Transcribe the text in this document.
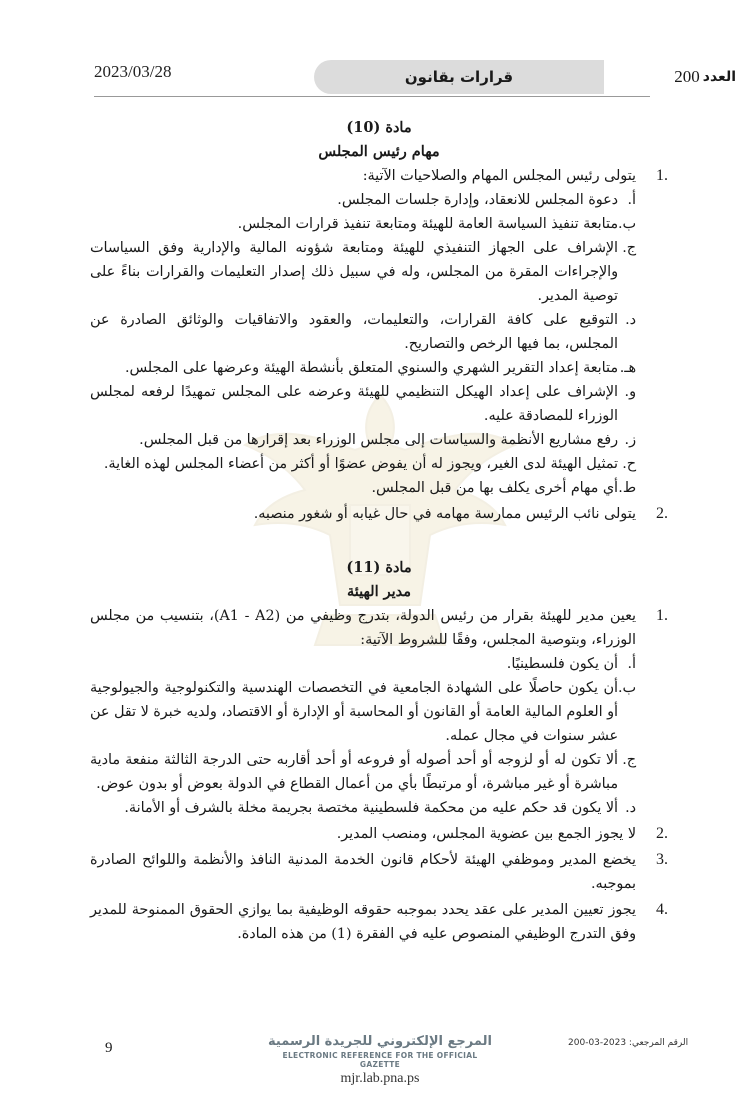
2023/03/28	قرارات بقانون	العدد
200
مادة (10)
مهام رئيس المجلس
1.
يتولى رئيس المجلس المهام والصلاحيات الآتية:
أ.
دعوة المجلس للانعقاد، وإدارة جلسات المجلس.
ب.
متابعة تنفيذ السياسة العامة للهيئة ومتابعة تنفيذ قرارات المجلس.
ج.
الإشراف على الجهاز التنفيذي للهيئة ومتابعة شؤونه المالية والإدارية وفق السياسات والإجراءات المقرة من المجلس، وله في سبيل ذلك إصدار التعليمات والقرارات بناءً على توصية المدير.
د.
التوقيع على كافة القرارات، والتعليمات، والعقود والاتفاقيات والوثائق الصادرة عن المجلس، بما فيها الرخص والتصاريح.
هـ.
متابعة إعداد التقرير الشهري والسنوي المتعلق بأنشطة الهيئة وعرضها على المجلس.
و.
الإشراف على إعداد الهيكل التنظيمي للهيئة وعرضه على المجلس تمهيدًا لرفعه لمجلس الوزراء للمصادقة عليه.
ز.
رفع مشاريع الأنظمة والسياسات إلى مجلس الوزراء بعد إقرارها من قبل المجلس.
ح.
تمثيل الهيئة لدى الغير، ويجوز له أن يفوض عضوًا أو أكثر من أعضاء المجلس لهذه الغاية.
ط.
أي مهام أخرى يكلف بها من قبل المجلس.
2.
يتولى نائب الرئيس ممارسة مهامه في حال غيابه أو شغور منصبه.
مادة (11)
مدير الهيئة
1.
يعين مدير للهيئة بقرار من رئيس الدولة، بتدرج وظيفي من (A1 - A2)، بتنسيب من مجلس الوزراء، وبتوصية المجلس، وفقًا للشروط الآتية:
أ.
أن يكون فلسطينيًا.
ب.
أن يكون حاصلًا على الشهادة الجامعية في التخصصات الهندسية والتكنولوجية والجيولوجية أو العلوم المالية العامة أو القانون أو المحاسبة أو الإدارة أو الاقتصاد، ولديه خبرة لا تقل عن عشر سنوات في مجال عمله.
ج.
ألا تكون له أو لزوجه أو أحد أصوله أو فروعه أو أحد أقاربه حتى الدرجة الثالثة منفعة مادية مباشرة أو غير مباشرة، أو مرتبطًا بأي من أعمال القطاع في الدولة بعوض أو بدون عوض.
د.
ألا يكون قد حكم عليه من محكمة فلسطينية مختصة بجريمة مخلة بالشرف أو الأمانة.
2.
لا يجوز الجمع بين عضوية المجلس، ومنصب المدير.
3.
يخضع المدير وموظفي الهيئة لأحكام قانون الخدمة المدنية النافذ والأنظمة واللوائح الصادرة بموجبه.
4.
يجوز تعيين المدير على عقد يحدد بموجبه حقوقه الوظيفية بما يوازي الحقوق الممنوحة للمدير وفق التدرج الوظيفي المنصوص عليه في الفقرة (1) من هذه المادة.
9	المرجع الإلكتروني للجريدة الرسمية
ELECTRONIC REFERENCE FOR THE OFFICIAL GAZETTE
mjr.lab.pna.ps
الرقم المرجعي: 2023-03-200
